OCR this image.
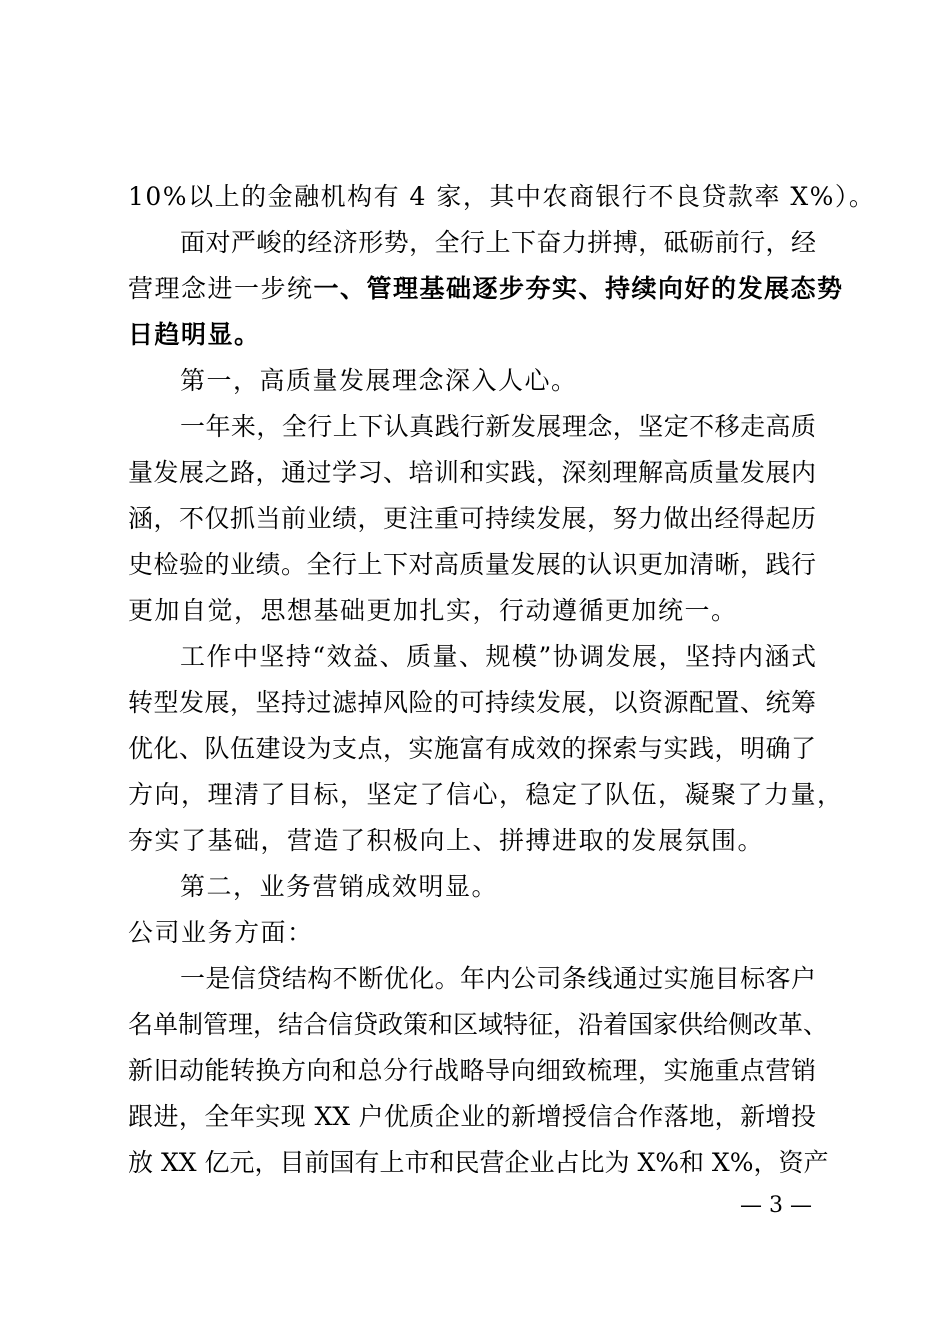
10%以上的金融机构有 4 家，其中农商银行不良贷款率 X%）。
面对严峻的经济形势，全行上下奋力拼搏，砥砺前行，经
营理念进一步统一、管理基础逐步夯实、持续向好的发展态势
日趋明显。
第一，高质量发展理念深入人心。
一年来，全行上下认真践行新发展理念，坚定不移走高质
量发展之路，通过学习、培训和实践，深刻理解高质量发展内
涵，不仅抓当前业绩，更注重可持续发展，努力做出经得起历
史检验的业绩。全行上下对高质量发展的认识更加清晰，践行
更加自觉，思想基础更加扎实，行动遵循更加统一。
工作中坚持“效益、质量、规模”协调发展，坚持内涵式
转型发展，坚持过滤掉风险的可持续发展，以资源配置、统筹
优化、队伍建设为支点，实施富有成效的探索与实践，明确了
方向，理清了目标，坚定了信心，稳定了队伍，凝聚了力量，
夯实了基础，营造了积极向上、拼搏进取的发展氛围。
第二，业务营销成效明显。
公司业务方面：
一是信贷结构不断优化。年内公司条线通过实施目标客户
名单制管理，结合信贷政策和区域特征，沿着国家供给侧改革、
新旧动能转换方向和总分行战略导向细致梳理，实施重点营销
跟进，全年实现 XX 户优质企业的新增授信合作落地，新增投
放 XX 亿元，目前国有上市和民营企业占比为 X%和 X%，资产
— 3 —
